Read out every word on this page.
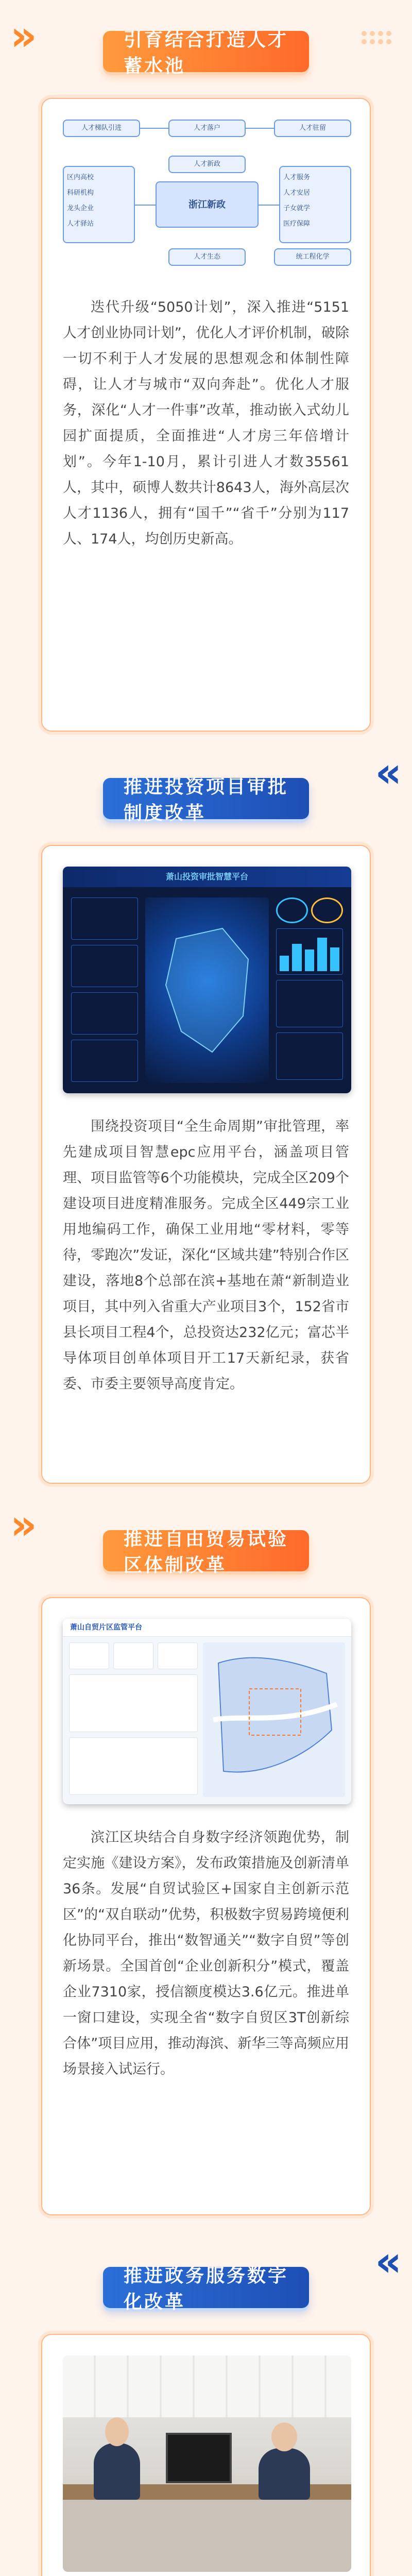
»	引育结合打造人才蓄水池
人才梯队引进	人才落户	人才驻留
人才新政
浙江新政
区内高校
科研机构
龙头企业
人才驿站
人才服务
人才安居
子女就学
医疗保障
人才生态	统工程化学
迭代升级“5050计划”，深入推进“5151人才创业协同计划”，优化人才评价机制，破除一切不利于人才发展的思想观念和体制性障碍，让人才与城市“双向奔赴”。优化人才服务，深化“人才一件事”改革，推动嵌入式幼儿园扩面提质，全面推进“人才房三年倍增计划”。今年1-10月，累计引进人才数35561人，其中，硕博人数共计8643人，海外高层次人才1136人，拥有“国千”“省千”分别为117人、174人，均创历史新高。
推进投资项目审批制度改革
«
萧山投资审批智慧平台
围绕投资项目“全生命周期”审批管理，率先建成项目智慧epc应用平台，涵盖项目管理、项目监管等6个功能模块，完成全区209个建设项目进度精准服务。完成全区449宗工业用地编码工作，确保工业用地“零材料，零等待，零跑次”发证，深化“区域共建”特别合作区建设，落地8个总部在滨+基地在萧“新制造业项目，其中列入省重大产业项目3个，152省市县长项目工程4个，总投资达232亿元；富芯半导体项目创单体项目开工17天新纪录，获省委、市委主要领导高度肯定。
推进自由贸易试验区体制改革
»
萧山自贸片区监管平台
滨江区块结合自身数字经济领跑优势，制定实施《建设方案》，发布政策措施及创新清单36条。发展“自贸试验区+国家自主创新示范区”的“双自联动”优势，积极数字贸易跨境便利化协同平台，推出“数智通关”“数字自贸”等创新场景。全国首创“企业创新积分”模式，覆盖企业7310家，授信额度模达3.6亿元。推进单一窗口建设，实现全省“数字自贸区3T创新综合体”项目应用，推动海滨、新华三等高频应用场景接入试运行。
推进政务服务数字化改革
«
